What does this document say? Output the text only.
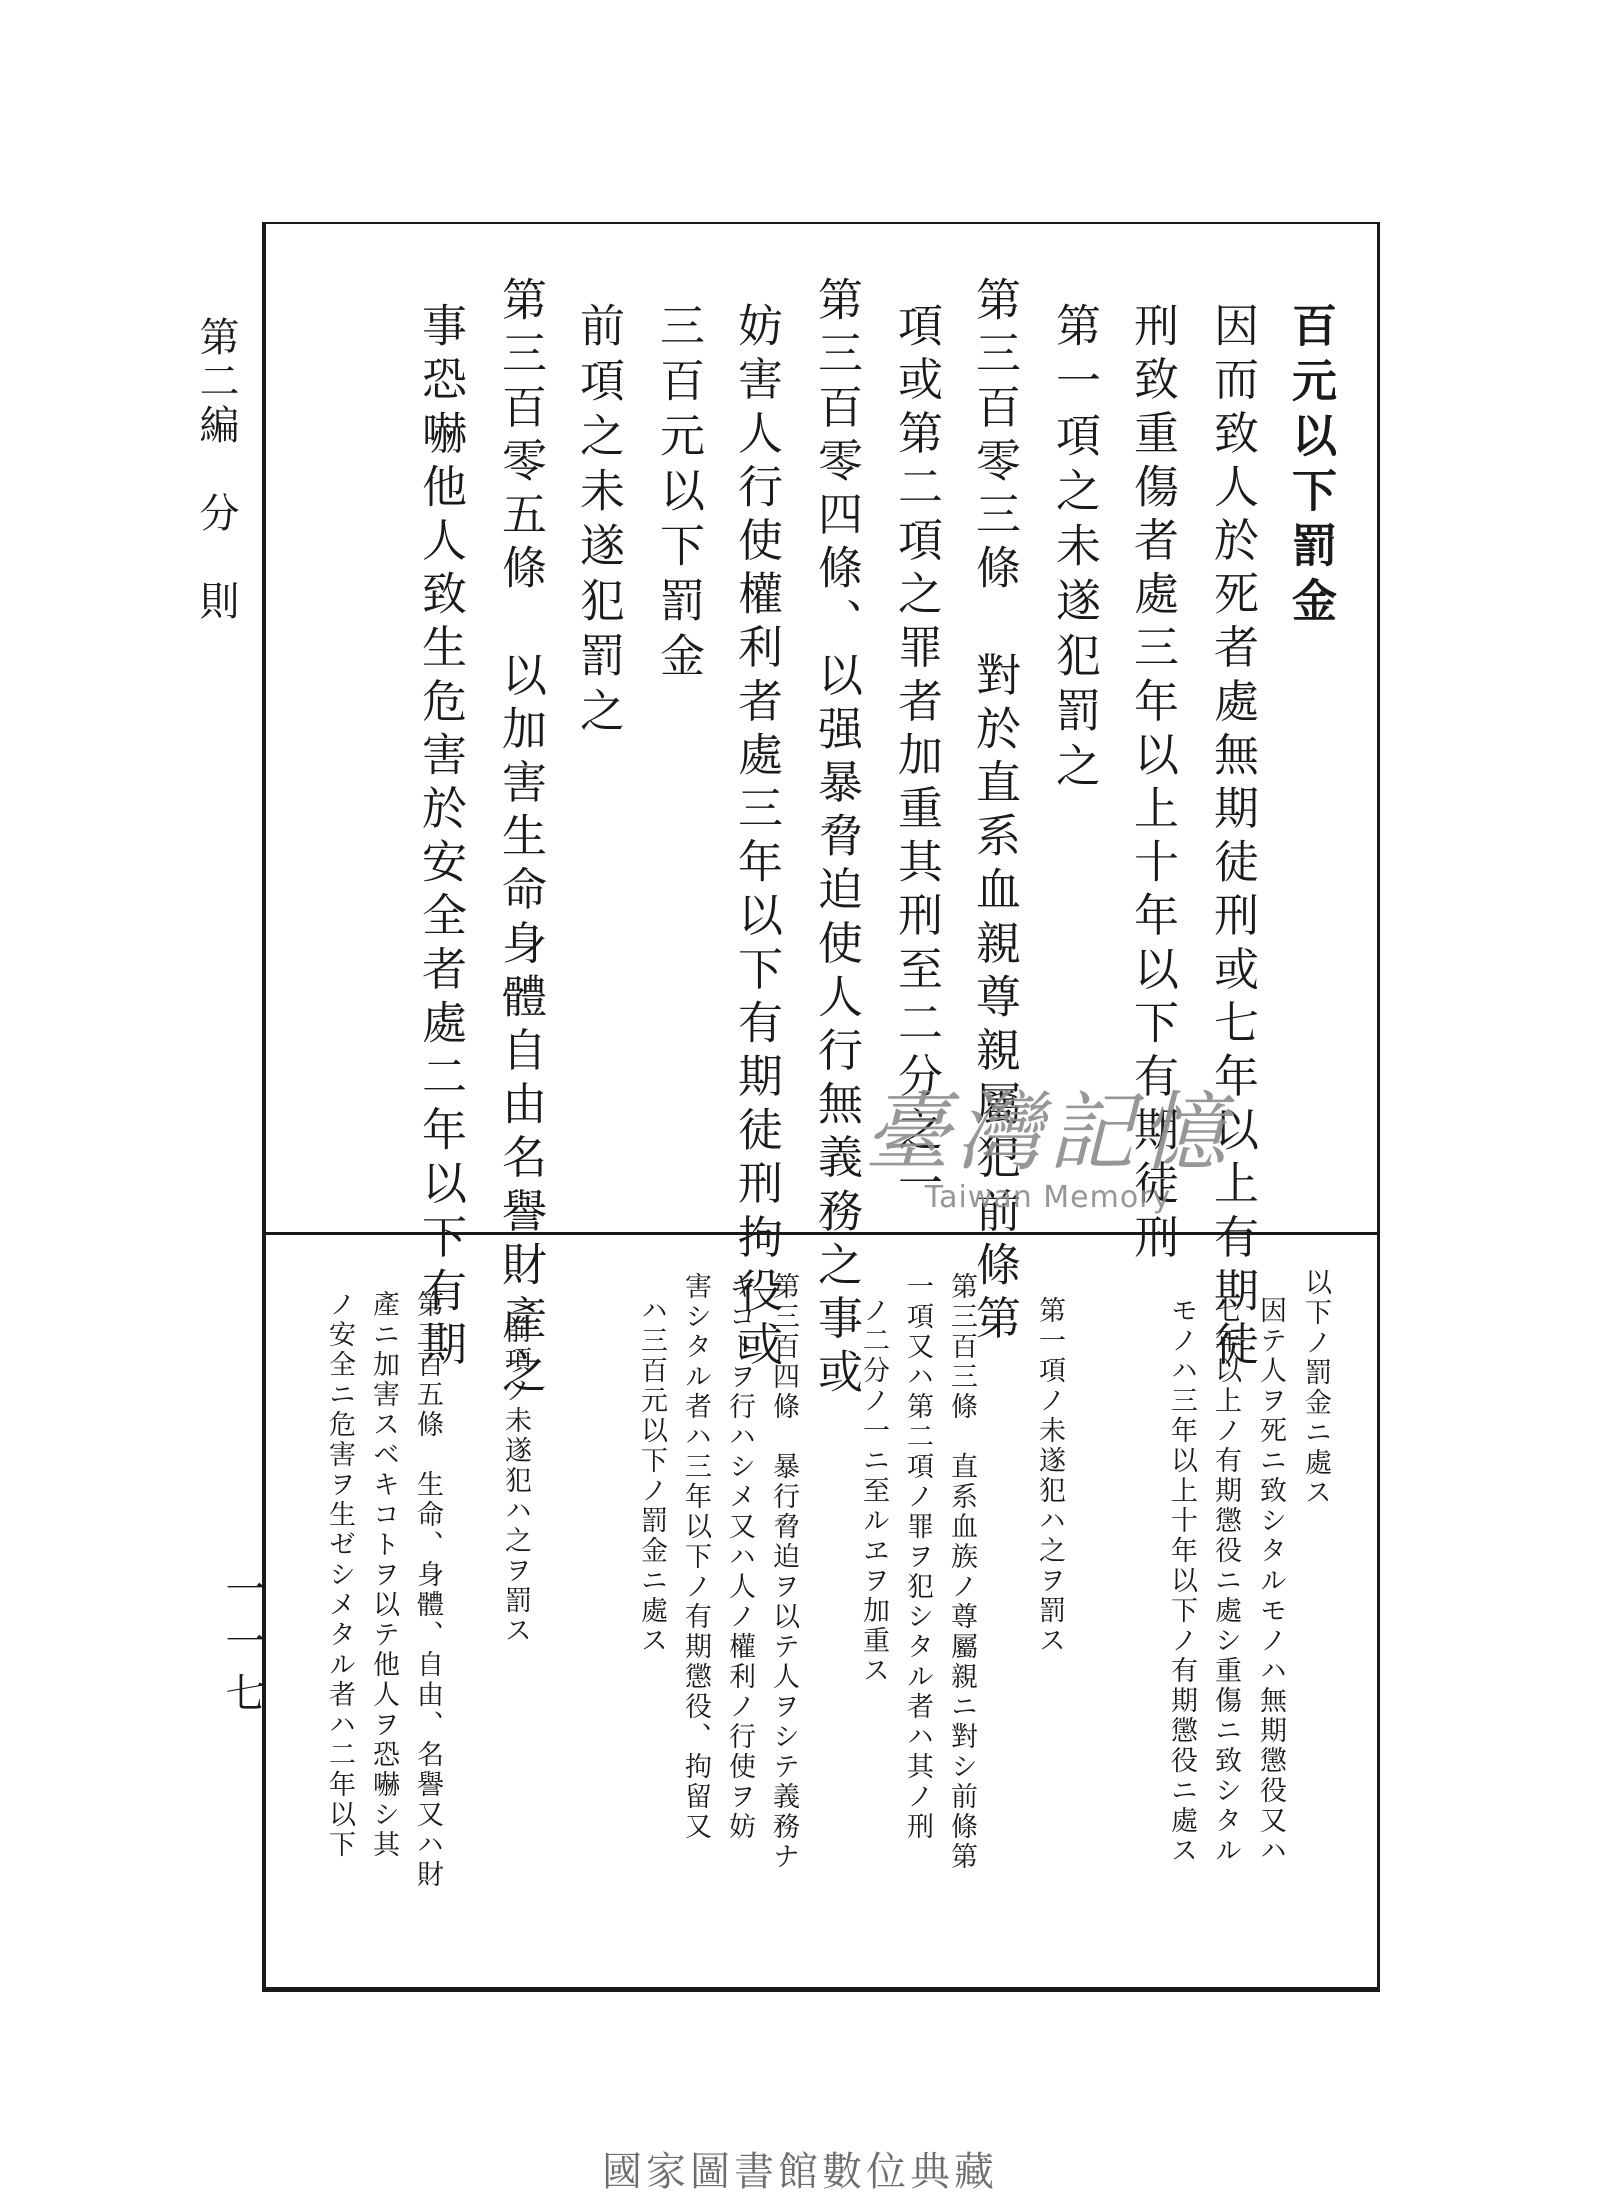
第二編　分　則
一一七
百元以下罰金
因而致人於死者處無期徒刑或七年以上有期徒
刑致重傷者處三年以上十年以下有期徒刑
第一項之未遂犯罰之
第三百零三條　對於直系血親尊親屬犯前條第
項或第二項之罪者加重其刑至二分之一
第三百零四條、以强暴脅迫使人行無義務之事或
妨害人行使權利者處三年以下有期徒刑拘役或
三百元以下罰金
前項之未遂犯罰之
第三百零五條　以加害生命身體自由名譽財產之
事恐嚇他人致生危害於安全者處二年以下有期
以下ノ罰金ニ處ス
因テ人ヲ死ニ致シタルモノハ無期懲役又ハ
七年以上ノ有期懲役ニ處シ重傷ニ致シタル
モノハ三年以上十年以下ノ有期懲役ニ處ス
第一項ノ未遂犯ハ之ヲ罰ス
第三百三條　直系血族ノ尊屬親ニ對シ前條第
一項又ハ第二項ノ罪ヲ犯シタル者ハ其ノ刑
ノ二分ノ一ニ至ルヱヲ加重ス
第三百四條　暴行脅迫ヲ以テ人ヲシテ義務ナ
キコトヲ行ハシメ又ハ人ノ權利ノ行使ヲ妨
害シタル者ハ三年以下ノ有期懲役、拘留又
ハ三百元以下ノ罰金ニ處ス
前項ノ未遂犯ハ之ヲ罰ス
第三百五條　生命、身體、自由、名譽又ハ財
產ニ加害スベキコトヲ以テ他人ヲ恐嚇シ其
ノ安全ニ危害ヲ生ゼシメタル者ハ二年以下
臺灣記憶
Taiwan Memory
國家圖書館數位典藏
